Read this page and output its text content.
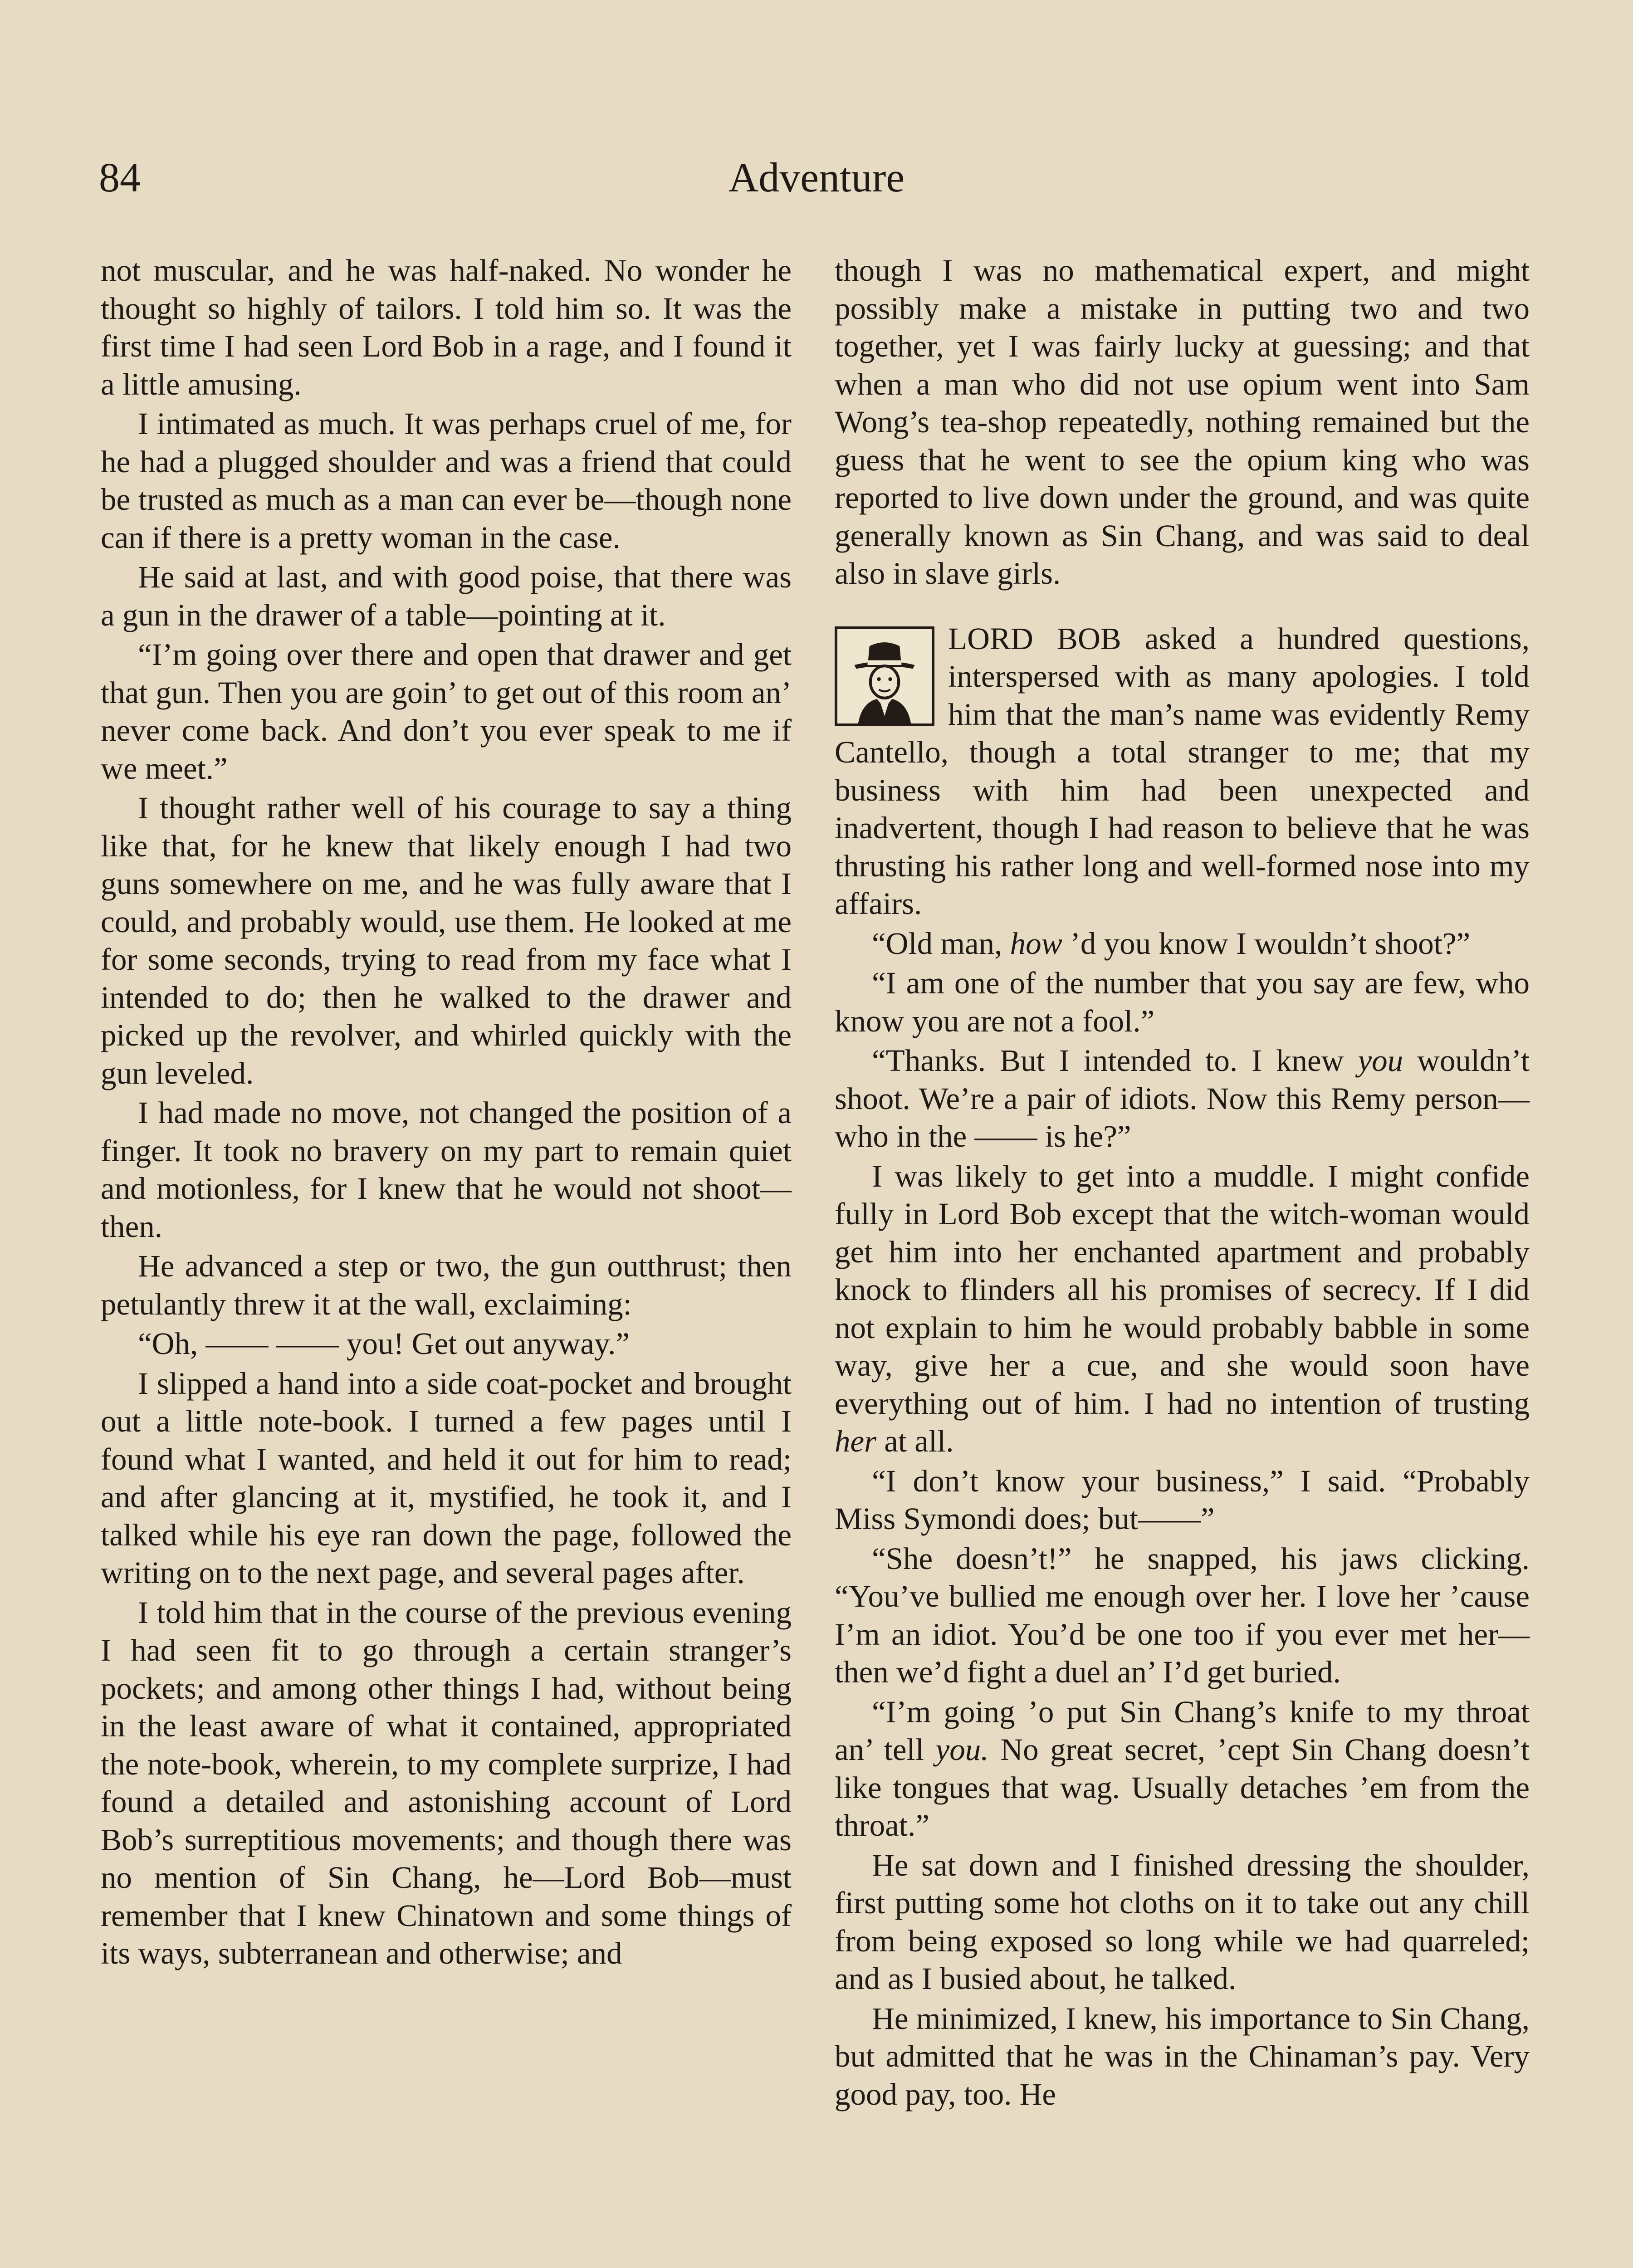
84	Adventure

not muscular, and he was half-naked. No wonder he thought so highly of tailors. I told him so. It was the first time I had seen Lord Bob in a rage, and I found it a little amusing.

I intimated as much. It was perhaps cruel of me, for he had a plugged shoulder and was a friend that could be trusted as much as a man can ever be—though none can if there is a pretty woman in the case.

He said at last, and with good poise, that there was a gun in the drawer of a table—pointing at it.

“I’m going over there and open that drawer and get that gun. Then you are goin’ to get out of this room an’ never come back. And don’t you ever speak to me if we meet.”

I thought rather well of his courage to say a thing like that, for he knew that likely enough I had two guns somewhere on me, and he was fully aware that I could, and probably would, use them. He looked at me for some seconds, trying to read from my face what I intended to do; then he walked to the drawer and picked up the revolver, and whirled quickly with the gun leveled.

I had made no move, not changed the position of a finger. It took no bravery on my part to remain quiet and motionless, for I knew that he would not shoot—then.

He advanced a step or two, the gun outthrust; then petulantly threw it at the wall, exclaiming:

“Oh, —— —— you! Get out anyway.”

I slipped a hand into a side coat-pocket and brought out a little note-book. I turned a few pages until I found what I wanted, and held it out for him to read; and after glancing at it, mystified, he took it, and I talked while his eye ran down the page, followed the writing on to the next page, and several pages after.

I told him that in the course of the previous evening I had seen fit to go through a certain stranger’s pockets; and among other things I had, without being in the least aware of what it contained, appropriated the note-book, wherein, to my complete surprize, I had found a detailed and astonishing account of Lord Bob’s surreptitious movements; and though there was no mention of Sin Chang, he—Lord Bob—must remember that I knew Chinatown and some things of its ways, subterranean and otherwise; and

though I was no mathematical expert, and might possibly make a mistake in putting two and two together, yet I was fairly lucky at guessing; and that when a man who did not use opium went into Sam Wong’s tea-shop repeatedly, nothing remained but the guess that he went to see the opium king who was reported to live down under the ground, and was quite generally known as Sin Chang, and was said to deal also in slave girls.

LORD BOB asked a hundred questions, interspersed with as many apologies. I told him that the man’s name was evidently Remy Cantello, though a total stranger to me; that my business with him had been unexpected and inadvertent, though I had reason to believe that he was thrusting his rather long and well-formed nose into my affairs.

“Old man, how ’d you know I wouldn’t shoot?”

“I am one of the number that you say are few, who know you are not a fool.”

“Thanks. But I intended to. I knew you wouldn’t shoot. We’re a pair of idiots. Now this Remy person—who in the —— is he?”

I was likely to get into a muddle. I might confide fully in Lord Bob except that the witch-woman would get him into her enchanted apartment and probably knock to flinders all his promises of secrecy. If I did not explain to him he would probably babble in some way, give her a cue, and she would soon have everything out of him. I had no intention of trusting her at all.

“I don’t know your business,” I said. “Probably Miss Symondi does; but——”

“She doesn’t!” he snapped, his jaws clicking. “You’ve bullied me enough over her. I love her ’cause I’m an idiot. You’d be one too if you ever met her—then we’d fight a duel an’ I’d get buried.

“I’m going ’o put Sin Chang’s knife to my throat an’ tell you. No great secret, ’cept Sin Chang doesn’t like tongues that wag. Usually detaches ’em from the throat.”

He sat down and I finished dressing the shoulder, first putting some hot cloths on it to take out any chill from being exposed so long while we had quarreled; and as I busied about, he talked.

He minimized, I knew, his importance to Sin Chang, but admitted that he was in the Chinaman’s pay. Very good pay, too. He
